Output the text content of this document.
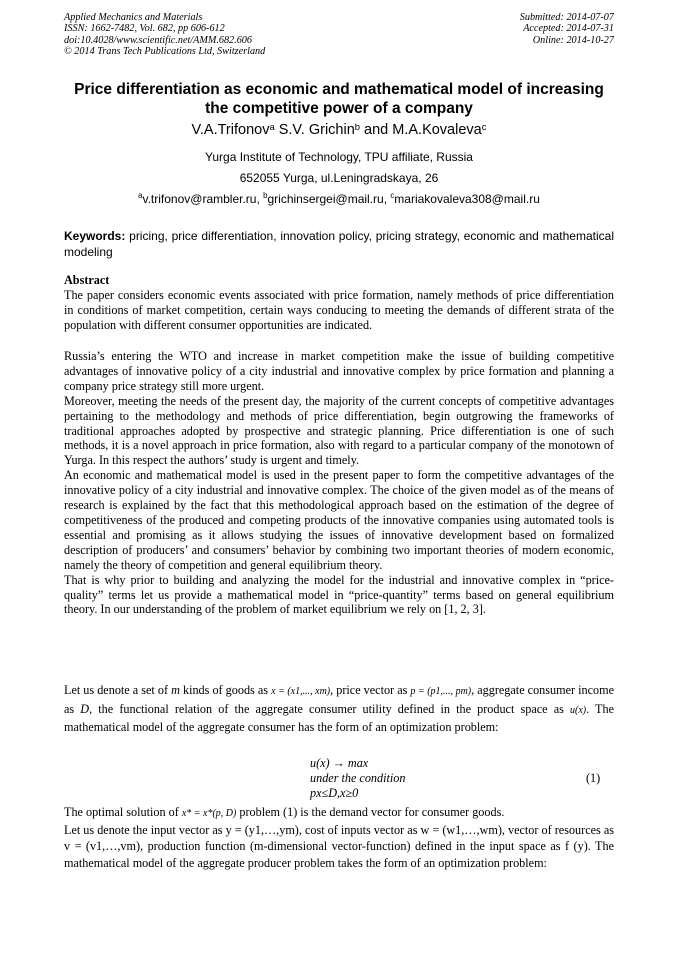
Applied Mechanics and Materials
ISSN: 1662-7482, Vol. 682, pp 606-612
doi:10.4028/www.scientific.net/AMM.682.606
© 2014 Trans Tech Publications Ltd, Switzerland
Submitted: 2014-07-07
Accepted: 2014-07-31
Online: 2014-10-27
Price differentiation as economic and mathematical model of increasing
the competitive power of a company
V.A.Trifonov$^a$ S.V. Grichin$^b$ and M.A.Kovaleva$^c$
Yurga Institute of Technology, TPU affiliate, Russia
652055 Yurga, ul.Leningradskaya, 26
$^a$v.trifonov@rambler.ru, $^b$grichinsergei@mail.ru, $^c$mariakovaleva308@mail.ru
Keywords: pricing, price differentiation, innovation policy, pricing strategy, economic and mathematical modeling

Abstract

The paper considers economic events associated with price formation, namely methods of price differentiation in conditions of market competition, certain ways conducing to meeting the demands of different strata of the population with different consumer opportunities are indicated.

Russia’s entering the WTO and increase in market competition make the issue of building competitive advantages of innovative policy of a city industrial and innovative complex by price formation and planning a company price strategy still more urgent.

Moreover, meeting the needs of the present day, the majority of the current concepts of competitive advantages pertaining to the methodology and methods of price differentiation, begin outgrowing the frameworks of traditional approaches adopted by prospective and strategic planning. Price differentiation is one of such methods, it is a novel approach in price formation, also with regard to a particular company of the monotown of Yurga. In this respect the authors’ study is urgent and timely.

An economic and mathematical model is used in the present paper to form the competitive advantages of the innovative policy of a city industrial and innovative complex. The choice of the given model as of the means of research is explained by the fact that this methodological approach based on the estimation of the degree of competitiveness of the produced and competing products of the innovative companies using automated tools is essential and promising as it allows studying the issues of innovative development based on formalized description of producers’ and consumers’ behavior by combining two important theories of modern economic, namely the theory of competition and general equilibrium theory.

That is why prior to building and analyzing the model for the industrial and innovative complex in “price-quality” terms let us provide a mathematical model in “price-quantity” terms based on general equilibrium theory. In our understanding of the problem of market equilibrium we rely on [1, 2, 3].

Let us denote a set of m kinds of goods as x = (x1,..., xm), price vector as p = (p1,..., pm), aggregate consumer income as D, the functional relation of the aggregate consumer utility defined in the product space as u(x). The mathematical model of the aggregate consumer has the form of an optimization problem:

u(x) → max
under the condition
px≤D,x≥0
(1)

The optimal solution of x* = x*(p, D) problem (1) is the demand vector for consumer goods.

Let us denote the input vector as y = (y1,…,ym), cost of inputs vector as w = (w1,…,wm), vector of resources as v = (v1,…,vm), production function (m-dimensional vector-function) defined in the input space as f (y). The mathematical model of the aggregate producer problem takes the form of an optimization problem:
